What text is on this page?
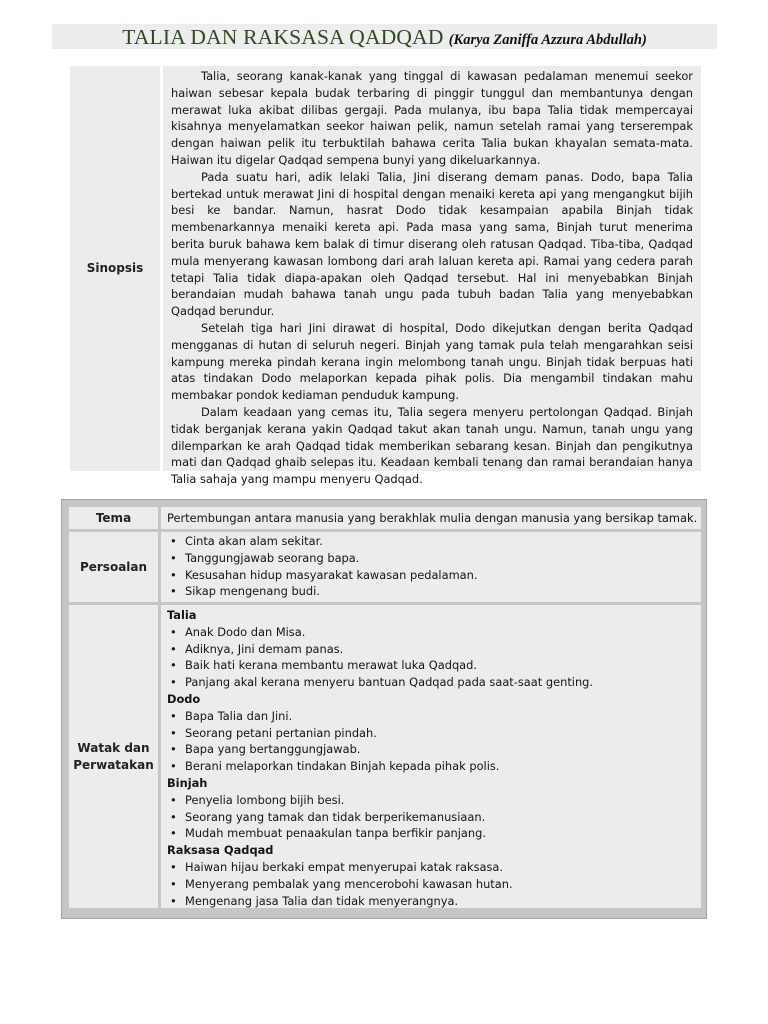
TALIA DAN RAKSASA QADQAD (Karya Zaniffa Azzura Abdullah)
Sinopsis

Talia, seorang kanak-kanak yang tinggal di kawasan pedalaman menemui seekor haiwan sebesar kepala budak terbaring di pinggir tunggul dan membantunya dengan merawat luka akibat dilibas gergaji. Pada mulanya, ibu bapa Talia tidak mempercayai kisahnya menyelamatkan seekor haiwan pelik, namun setelah ramai yang terserempak dengan haiwan pelik itu terbuktilah bahawa cerita Talia bukan khayalan semata-mata. Haiwan itu digelar Qadqad sempena bunyi yang dikeluarkannya.

Pada suatu hari, adik lelaki Talia, Jini diserang demam panas. Dodo, bapa Talia bertekad untuk merawat Jini di hospital dengan menaiki kereta api yang mengangkut bijih besi ke bandar. Namun, hasrat Dodo tidak kesampaian apabila Binjah tidak membenarkannya menaiki kereta api. Pada masa yang sama, Binjah turut menerima berita buruk bahawa kem balak di timur diserang oleh ratusan Qadqad. Tiba-tiba, Qadqad mula menyerang kawasan lombong dari arah laluan kereta api. Ramai yang cedera parah tetapi Talia tidak diapa-apakan oleh Qadqad tersebut. Hal ini menyebabkan Binjah berandaian mudah bahawa tanah ungu pada tubuh badan Talia yang menyebabkan Qadqad berundur.

Setelah tiga hari Jini dirawat di hospital, Dodo dikejutkan dengan berita Qadqad mengganas di hutan di seluruh negeri. Binjah yang tamak pula telah mengarahkan seisi kampung mereka pindah kerana ingin melombong tanah ungu. Binjah tidak berpuas hati atas tindakan Dodo melaporkan kepada pihak polis. Dia mengambil tindakan mahu membakar pondok kediaman penduduk kampung.

Dalam keadaan yang cemas itu, Talia segera menyeru pertolongan Qadqad. Binjah tidak berganjak kerana yakin Qadqad takut akan tanah ungu. Namun, tanah ungu yang dilemparkan ke arah Qadqad tidak memberikan sebarang kesan. Binjah dan pengikutnya mati dan Qadqad ghaib selepas itu. Keadaan kembali tenang dan ramai berandaian hanya Talia sahaja yang mampu menyeru Qadqad.

Tema	Pertembungan antara manusia yang berakhlak mulia dengan manusia yang bersikap tamak.
Persoalan
• Cinta akan alam sekitar.
• Tanggungjawab seorang bapa.
• Kesusahan hidup masyarakat kawasan pedalaman.
• Sikap mengenang budi.
Watak dan
Perwatakan
Talia
• Anak Dodo dan Misa.
• Adiknya, Jini demam panas.
• Baik hati kerana membantu merawat luka Qadqad.
• Panjang akal kerana menyeru bantuan Qadqad pada saat-saat genting.
Dodo
• Bapa Talia dan Jini.
• Seorang petani pertanian pindah.
• Bapa yang bertanggungjawab.
• Berani melaporkan tindakan Binjah kepada pihak polis.
Binjah
• Penyelia lombong bijih besi.
• Seorang yang tamak dan tidak berperikemanusiaan.
• Mudah membuat penaakulan tanpa berfikir panjang.
Raksasa Qadqad
• Haiwan hijau berkaki empat menyerupai katak raksasa.
• Menyerang pembalak yang mencerobohi kawasan hutan.
• Mengenang jasa Talia dan tidak menyerangnya.
